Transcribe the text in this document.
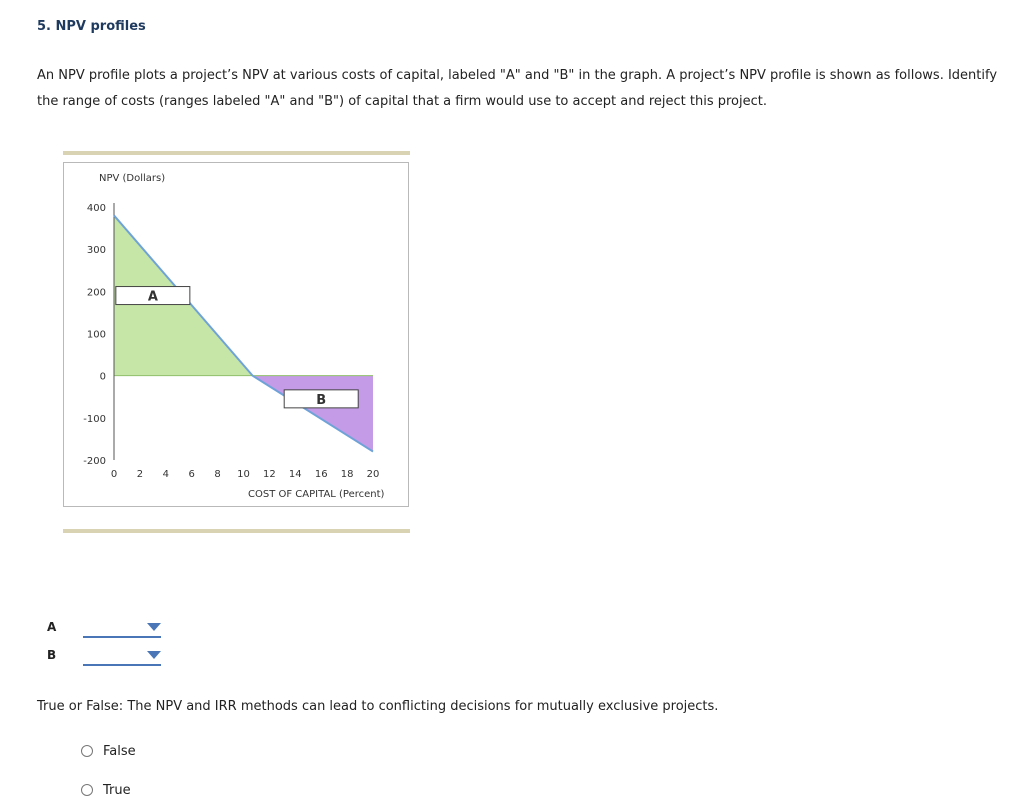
5. NPV profiles
An NPV profile plots a project’s NPV at various costs of capital, labeled "A" and "B" in the graph. A project’s NPV profile is shown as follows. Identify the range of costs (ranges labeled "A" and "B") of capital that a firm would use to accept and reject this project.
400
300
200
100
0
-100
-200
0 2 4 6 8 10 12 14 16 18 20
NPV (Dollars)
COST OF CAPITAL (Percent)
A
B
A
B
True or False: The NPV and IRR methods can lead to conflicting decisions for mutually exclusive projects.
False
True
